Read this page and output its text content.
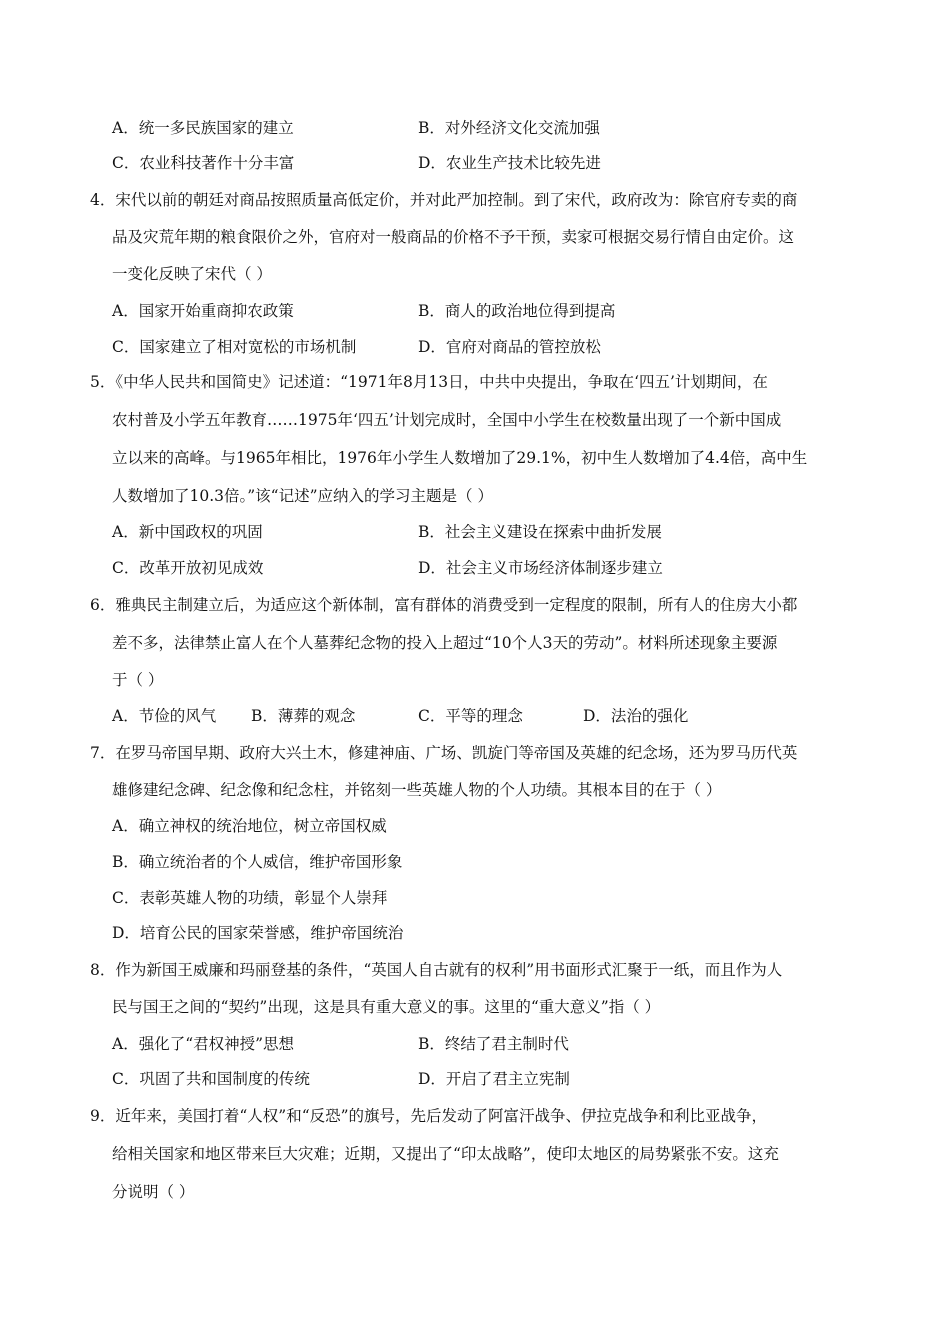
A．统一多民族国家的建立	B．对外经济文化交流加强
C．农业科技著作十分丰富	D．农业生产技术比较先进
4．宋代以前的朝廷对商品按照质量高低定价，并对此严加控制。到了宋代，政府改为：除官府专卖的商
品及灾荒年期的粮食限价之外，官府对一般商品的价格不予干预，卖家可根据交易行情自由定价。这
一变化反映了宋代（ ）
A．国家开始重商抑农政策	B．商人的政治地位得到提高
C．国家建立了相对宽松的市场机制	D．官府对商品的管控放松
5．《中华人民共和国简史》记述道：“1971年8月13日，中共中央提出，争取在‘四五’计划期间，在
农村普及小学五年教育……1975年‘四五’计划完成时，全国中小学生在校数量出现了一个新中国成
立以来的高峰。与1965年相比，1976年小学生人数增加了29.1%，初中生人数增加了4.4倍，高中生
人数增加了10.3倍。”该“记述”应纳入的学习主题是（ ）
A．新中国政权的巩固	B．社会主义建设在探索中曲折发展
C．改革开放初见成效	D．社会主义市场经济体制逐步建立
6．雅典民主制建立后，为适应这个新体制，富有群体的消费受到一定程度的限制，所有人的住房大小都
差不多，法律禁止富人在个人墓葬纪念物的投入上超过“10个人3天的劳动”。材料所述现象主要源
于（ ）
A．节俭的风气 B．薄葬的观念	C．平等的理念	D．法治的强化
7．在罗马帝国早期、政府大兴土木，修建神庙、广场、凯旋门等帝国及英雄的纪念场，还为罗马历代英
雄修建纪念碑、纪念像和纪念柱，并铭刻一些英雄人物的个人功绩。其根本目的在于（ ）
A．确立神权的统治地位，树立帝国权威
B．确立统治者的个人威信，维护帝国形象
C．表彰英雄人物的功绩，彰显个人崇拜
D．培育公民的国家荣誉感，维护帝国统治
8．作为新国王威廉和玛丽登基的条件，“英国人自古就有的权利”用书面形式汇聚于一纸，而且作为人
民与国王之间的“契约”出现，这是具有重大意义的事。这里的“重大意义”指（ ）
A．强化了“君权神授”思想	B．终结了君主制时代
C．巩固了共和国制度的传统	D．开启了君主立宪制
9．近年来，美国打着“人权”和“反恐”的旗号，先后发动了阿富汗战争、伊拉克战争和利比亚战争，
给相关国家和地区带来巨大灾难；近期，又提出了“印太战略”，使印太地区的局势紧张不安。这充
分说明（ ）
